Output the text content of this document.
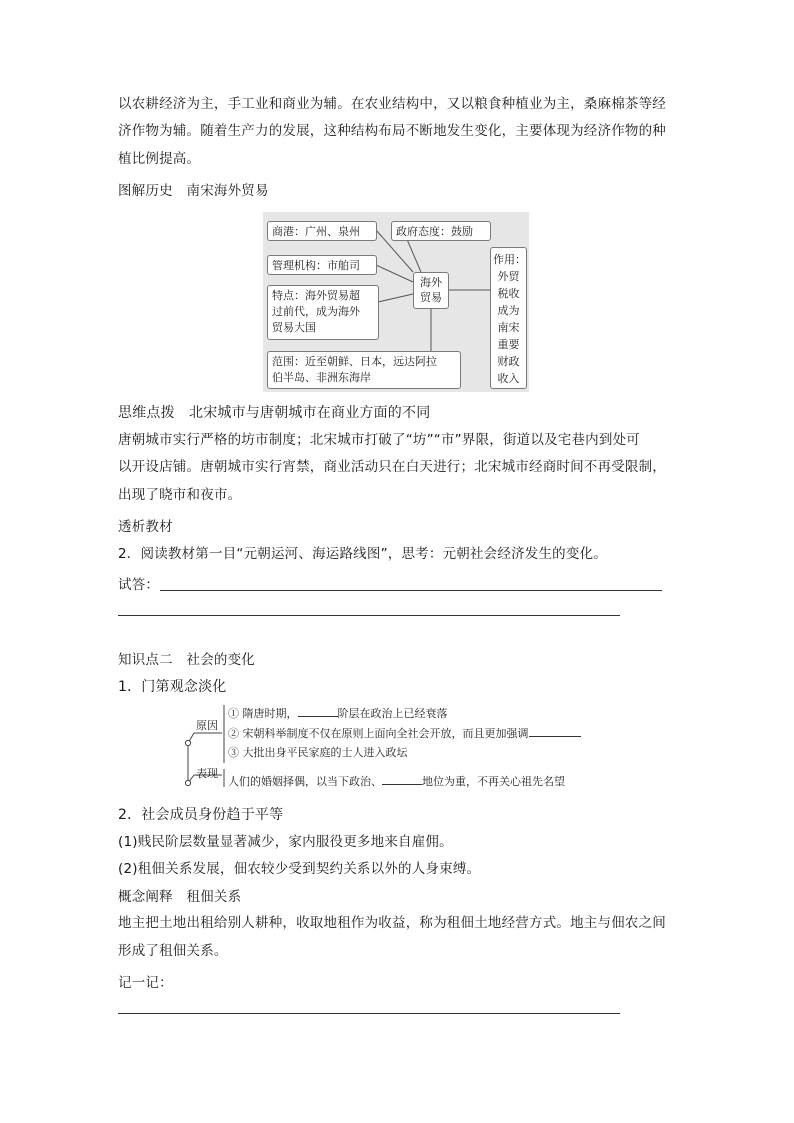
以农耕经济为主，手工业和商业为辅。在农业结构中，又以粮食种植业为主，桑麻棉茶等经
济作物为辅。随着生产力的发展，这种结构布局不断地发生变化，主要体现为经济作物的种
植比例提高。
图解历史　南宋海外贸易
商港：广州、泉州	政府态度：鼓励
管理机构：市舶司
特点：海外贸易超
过前代，成为海外
贸易大国
海外
贸易
范围：近至朝鲜、日本，远达阿拉
伯半岛、非洲东海岸
作用：
外贸
税收
成为
南宋
重要
财政
收入
思维点拨　北宋城市与唐朝城市在商业方面的不同
唐朝城市实行严格的坊市制度；北宋城市打破了“坊”“市”界限，街道以及宅巷内到处可
以开设店铺。唐朝城市实行宵禁，商业活动只在白天进行；北宋城市经商时间不再受限制，
出现了晓市和夜市。
透析教材
2．阅读教材第一目“元朝运河、海运路线图”，思考：元朝社会经济发生的变化。
试答：
知识点二　社会的变化
1．门第观念淡化
原因
① 隋唐时期，	阶层在政治上已经衰落
② 宋朝科举制度不仅在原则上面向全社会开放，而且更加强调
③ 大批出身平民家庭的士人进入政坛
表现
人们的婚姻择偶，以当下政治、	地位为重，不再关心祖先名望
2．社会成员身份趋于平等
(1)贱民阶层数量显著减少，家内服役更多地来自雇佣。
(2)租佃关系发展，佃农较少受到契约关系以外的人身束缚。
概念阐释　租佃关系
地主把土地出租给别人耕种，收取地租作为收益，称为租佃土地经营方式。地主与佃农之间
形成了租佃关系。
记一记：
